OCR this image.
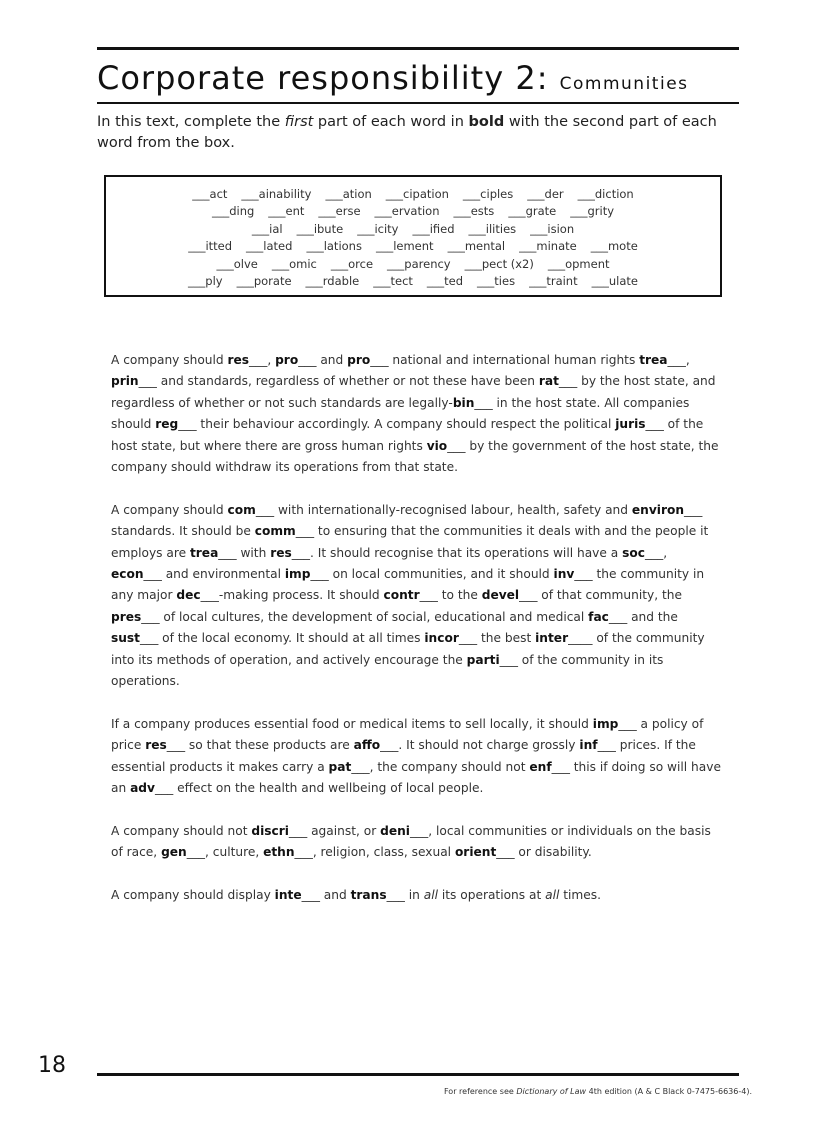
Corporate responsibility 2: Communities
In this text, complete the first part of each word in bold with the second part of each word from the box.
___act ___ainability ___ation ___cipation ___ciples ___der ___diction
___ding ___ent ___erse ___ervation ___ests ___grate ___grity
___ial ___ibute ___icity ___ified ___ilities ___ision
___itted ___lated ___lations ___lement ___mental ___minate ___mote
___olve ___omic ___orce ___parency ___pect (x2) ___opment
___ply ___porate ___rdable ___tect ___ted ___ties ___traint ___ulate

A company should res___, pro___ and pro___ national and international human rights trea___, prin___ and standards, regardless of whether or not these have been rat___ by the host state, and regardless of whether or not such standards are legally-bin___ in the host state. All companies should reg___ their behaviour accordingly. A company should respect the political juris___ of the host state, but where there are gross human rights vio___ by the government of the host state, the company should withdraw its operations from that state.

A company should com___ with internationally-recognised labour, health, safety and environ___ standards. It should be comm___ to ensuring that the communities it deals with and the people it employs are trea___ with res___. It should recognise that its operations will have a soc___, econ___ and environmental imp___ on local communities, and it should inv___ the community in any major dec___-making process. It should contr___ to the devel___ of that community, the pres___ of local cultures, the development of social, educational and medical fac___ and the sust___ of the local economy. It should at all times incor___ the best inter____ of the community into its methods of operation, and actively encourage the parti___ of the community in its operations.

If a company produces essential food or medical items to sell locally, it should imp___ a policy of price res___ so that these products are affo___. It should not charge grossly inf___ prices. If the essential products it makes carry a pat___, the company should not enf___ this if doing so will have an adv___ effect on the health and wellbeing of local people.

A company should not discri___ against, or deni___, local communities or individuals on the basis of race, gen___, culture, ethn___, religion, class, sexual orient___ or disability.

A company should display inte___ and trans___ in all its operations at all times.

18
For reference see Dictionary of Law 4th edition (A & C Black 0-7475-6636-4).
